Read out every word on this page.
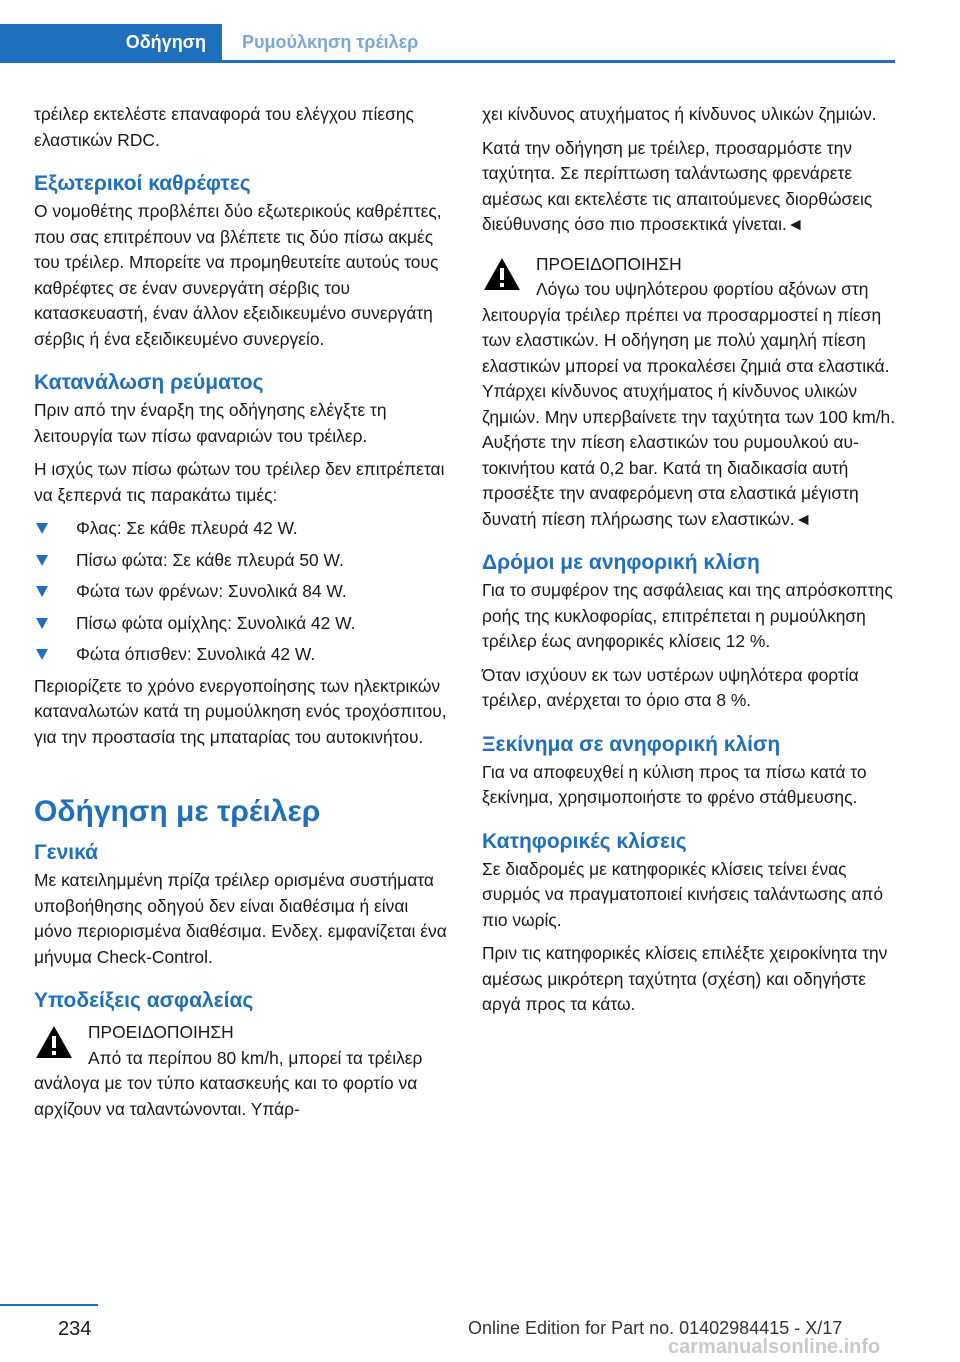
Οδήγηση	Ρυμούλκηση τρέιλερ

τρέιλερ εκτελέστε επαναφορά του ελέγχου πίεσης ελαστικών RDC.

Εξωτερικοί καθρέφτες

Ο νομοθέτης προβλέπει δύο εξωτερικούς καθρέπτες, που σας επιτρέπουν να βλέπετε τις δύο πίσω ακμές του τρέιλερ. Μπορείτε να προμηθευτείτε αυτούς τους καθρέφτες σε έναν συνεργάτη σέρβις του κατασκευαστή, έναν άλλον εξειδικευμένο συνεργάτη σέρβις ή ένα εξειδικευμένο συνεργείο.

Κατανάλωση ρεύματος

Πριν από την έναρξη της οδήγησης ελέγξτε τη λειτουργία των πίσω φαναριών του τρέιλερ.

Η ισχύς των πίσω φώτων του τρέιλερ δεν επιτρέπεται να ξεπερνά τις παρακάτω τιμές:

Φλας: Σε κάθε πλευρά 42 W.
Πίσω φώτα: Σε κάθε πλευρά 50 W.
Φώτα των φρένων: Συνολικά 84 W.
Πίσω φώτα ομίχλης: Συνολικά 42 W.
Φώτα όπισθεν: Συνολικά 42 W.

Περιορίζετε το χρόνο ενεργοποίησης των ηλεκτρικών καταναλωτών κατά τη ρυμούλκηση ενός τροχόσπιτου, για την προστασία της μπαταρίας του αυτοκινήτου.

Οδήγηση με τρέιλερ
Γενικά

Με κατειλημμένη πρίζα τρέιλερ ορισμένα συστήματα υποβοήθησης οδηγού δεν είναι διαθέσιμα ή είναι μόνο περιορισμένα διαθέσιμα. Ενδεχ. εμφανίζεται ένα μήνυμα Check-Control.

Υποδείξεις ασφαλείας

ΠΡΟΕΙΔΟΠΟΙΗΣΗ

Από τα περίπου 80 km/h, μπορεί τα τρέιλερ ανάλογα με τον τύπο κατασκευής και το φορτίο να αρχίζουν να ταλαντώνονται. Υπάρ-

χει κίνδυνος ατυχήματος ή κίνδυνος υλικών ζημιών.

Κατά την οδήγηση με τρέιλερ, προσαρμόστε την ταχύτητα. Σε περίπτωση ταλάντωσης φρενάρετε αμέσως και εκτελέστε τις απαιτούμενες διορθώσεις διεύθυνσης όσο πιο προσεκτικά γίνεται.◄

ΠΡΟΕΙΔΟΠΟΙΗΣΗ

Λόγω του υψηλότερου φορτίου αξόνων στη λειτουργία τρέιλερ πρέπει να προσαρμοστεί η πίεση των ελαστικών. Η οδήγηση με πολύ χαμηλή πίεση ελαστικών μπορεί να προκαλέσει ζημιά στα ελαστικά. Υπάρχει κίνδυνος ατυχήματος ή κίνδυνος υλικών ζημιών. Μην υπερβαίνετε την ταχύτητα των 100 km/h. Αυξήστε την πίεση ελαστικών του ρυμουλκού αυτοκινήτου κατά 0,2 bar. Κατά τη διαδικασία αυτή προσέξτε την αναφερόμενη στα ελαστικά μέγιστη δυνατή πίεση πλήρωσης των ελαστικών.◄

Δρόμοι με ανηφορική κλίση

Για το συμφέρον της ασφάλειας και της απρόσκοπτης ροής της κυκλοφορίας, επιτρέπεται η ρυμούλκηση τρέιλερ έως ανηφορικές κλίσεις 12 %.

Όταν ισχύουν εκ των υστέρων υψηλότερα φορτία τρέιλερ, ανέρχεται το όριο στα 8 %.

Ξεκίνημα σε ανηφορική κλίση

Για να αποφευχθεί η κύλιση προς τα πίσω κατά το ξεκίνημα, χρησιμοποιήστε το φρένο στάθμευσης.

Κατηφορικές κλίσεις

Σε διαδρομές με κατηφορικές κλίσεις τείνει ένας συρμός να πραγματοποιεί κινήσεις ταλάντωσης από πιο νωρίς.

Πριν τις κατηφορικές κλίσεις επιλέξτε χειροκίνητα την αμέσως μικρότερη ταχύτητα (σχέση) και οδηγήστε αργά προς τα κάτω.

234	Online Edition for Part no. 01402984415 - X/17
carmanualsonline.info
